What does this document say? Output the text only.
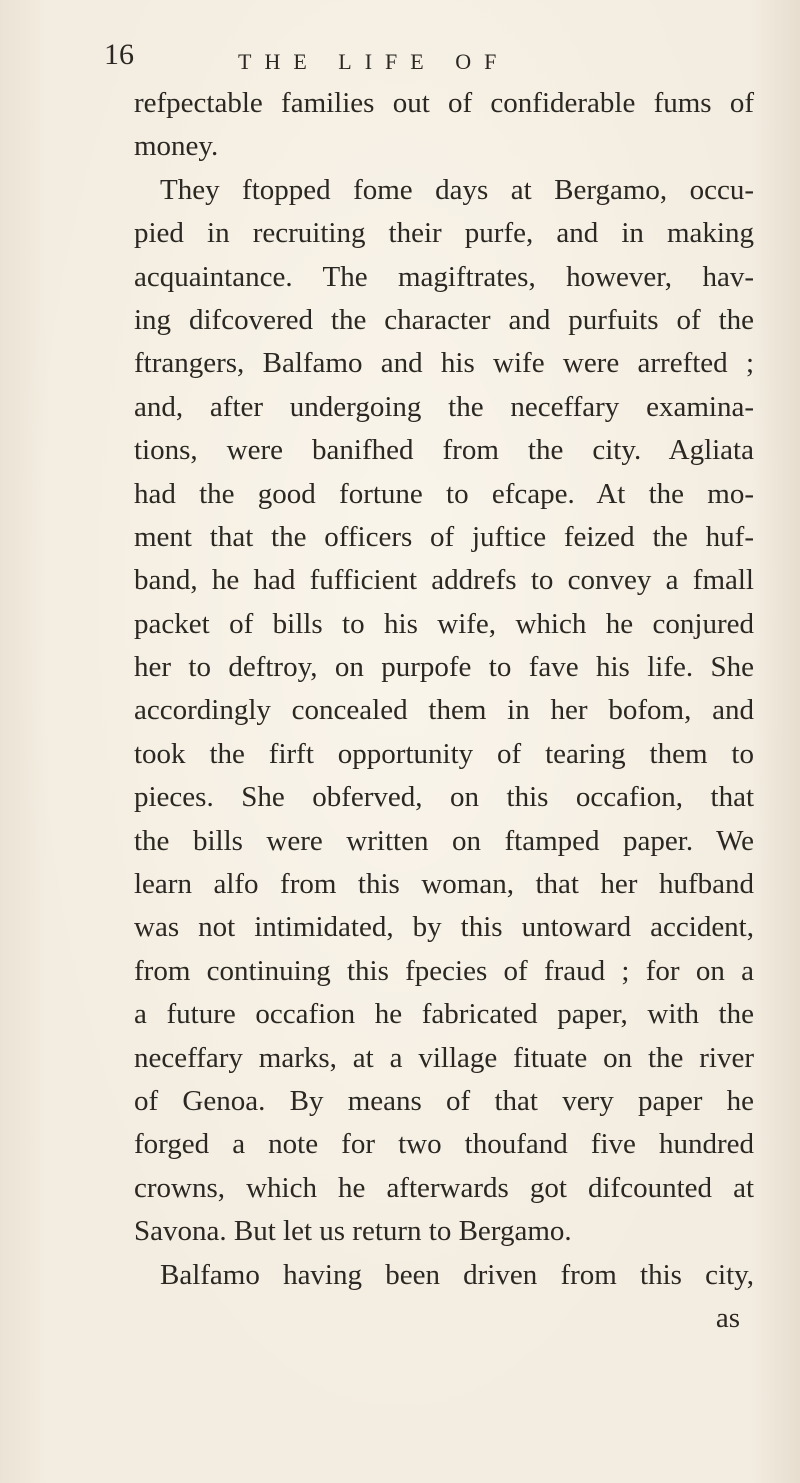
16	THE LIFE OF
refpectable families out of confiderable fums of
money.
They ftopped fome days at Bergamo, occu-
pied in recruiting their purfe, and in making
acquaintance. The magiftrates, however, hav-
ing difcovered the character and purfuits of the
ftrangers, Balfamo and his wife were arrefted ;
and, after undergoing the neceffary examina-
tions, were banifhed from the city. Agliata
had the good fortune to efcape. At the mo-
ment that the officers of juftice feized the huf-
band, he had fufficient addrefs to convey a fmall
packet of bills to his wife, which he conjured
her to deftroy, on purpofe to fave his life. She
accordingly concealed them in her bofom, and
took the firft opportunity of tearing them to
pieces. She obferved, on this occafion, that
the bills were written on ftamped paper. We
learn alfo from this woman, that her hufband
was not intimidated, by this untoward accident,
from continuing this fpecies of fraud ; for on a
a future occafion he fabricated paper, with the
neceffary marks, at a village fituate on the river
of Genoa. By means of that very paper he
forged a note for two thoufand five hundred
crowns, which he afterwards got difcounted at
Savona. But let us return to Bergamo.
Balfamo having been driven from this city,
as
